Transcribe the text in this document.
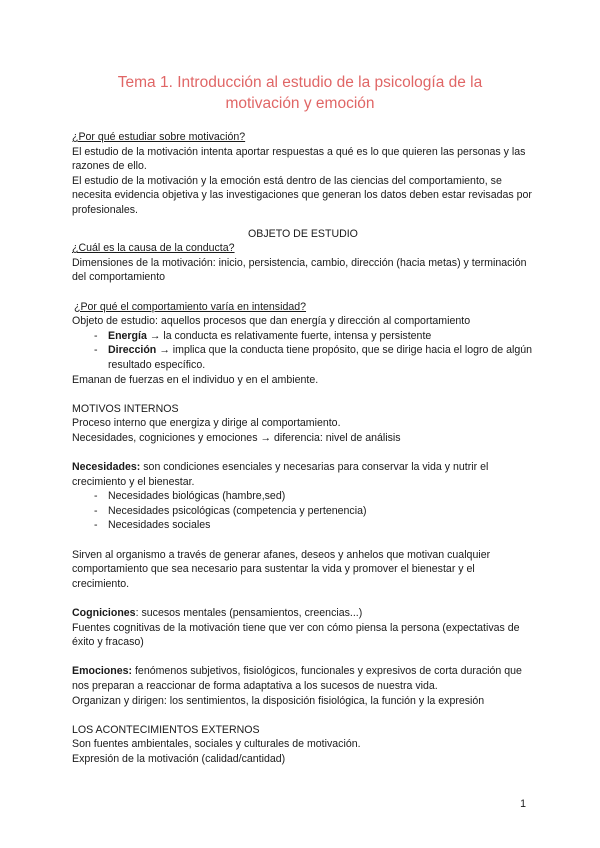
Tema 1. Introducción al estudio de la psicología de la
motivación y emoción

¿Por qué estudiar sobre motivación?

El estudio de la motivación intenta aportar respuestas a qué es lo que quieren las personas y las razones de ello.

El estudio de la motivación y la emoción está dentro de las ciencias del comportamiento, se necesita evidencia objetiva y las investigaciones que generan los datos deben estar revisadas por profesionales.

OBJETO DE ESTUDIO

¿Cuál es la causa de la conducta?

Dimensiones de la motivación: inicio, persistencia, cambio, dirección (hacia metas) y terminación del comportamiento

¿Por qué el comportamiento varía en intensidad?

Objeto de estudio: aquellos procesos que dan energía y dirección al comportamiento

- Energía → la conducta es relativamente fuerte, intensa y persistente
- Dirección → implica que la conducta tiene propósito, que se dirige hacia el logro de algún resultado específico.

Emanan de fuerzas en el individuo y en el ambiente.

MOTIVOS INTERNOS

Proceso interno que energiza y dirige al comportamiento.

Necesidades, cogniciones y emociones → diferencia: nivel de análisis

Necesidades: son condiciones esenciales y necesarias para conservar la vida y nutrir el crecimiento y el bienestar.

- Necesidades biológicas (hambre,sed)
- Necesidades psicológicas (competencia y pertenencia)
- Necesidades sociales

Sirven al organismo a través de generar afanes, deseos y anhelos que motivan cualquier comportamiento que sea necesario para sustentar la vida y promover el bienestar y el crecimiento.

Cogniciones: sucesos mentales (pensamientos, creencias...)

Fuentes cognitivas de la motivación tiene que ver con cómo piensa la persona (expectativas de éxito y fracaso)

Emociones: fenómenos subjetivos, fisiológicos, funcionales y expresivos de corta duración que nos preparan a reaccionar de forma adaptativa a los sucesos de nuestra vida.

Organizan y dirigen: los sentimientos, la disposición fisiológica, la función y la expresión

LOS ACONTECIMIENTOS EXTERNOS

Son fuentes ambientales, sociales y culturales de motivación.

Expresión de la motivación (calidad/cantidad)

1
